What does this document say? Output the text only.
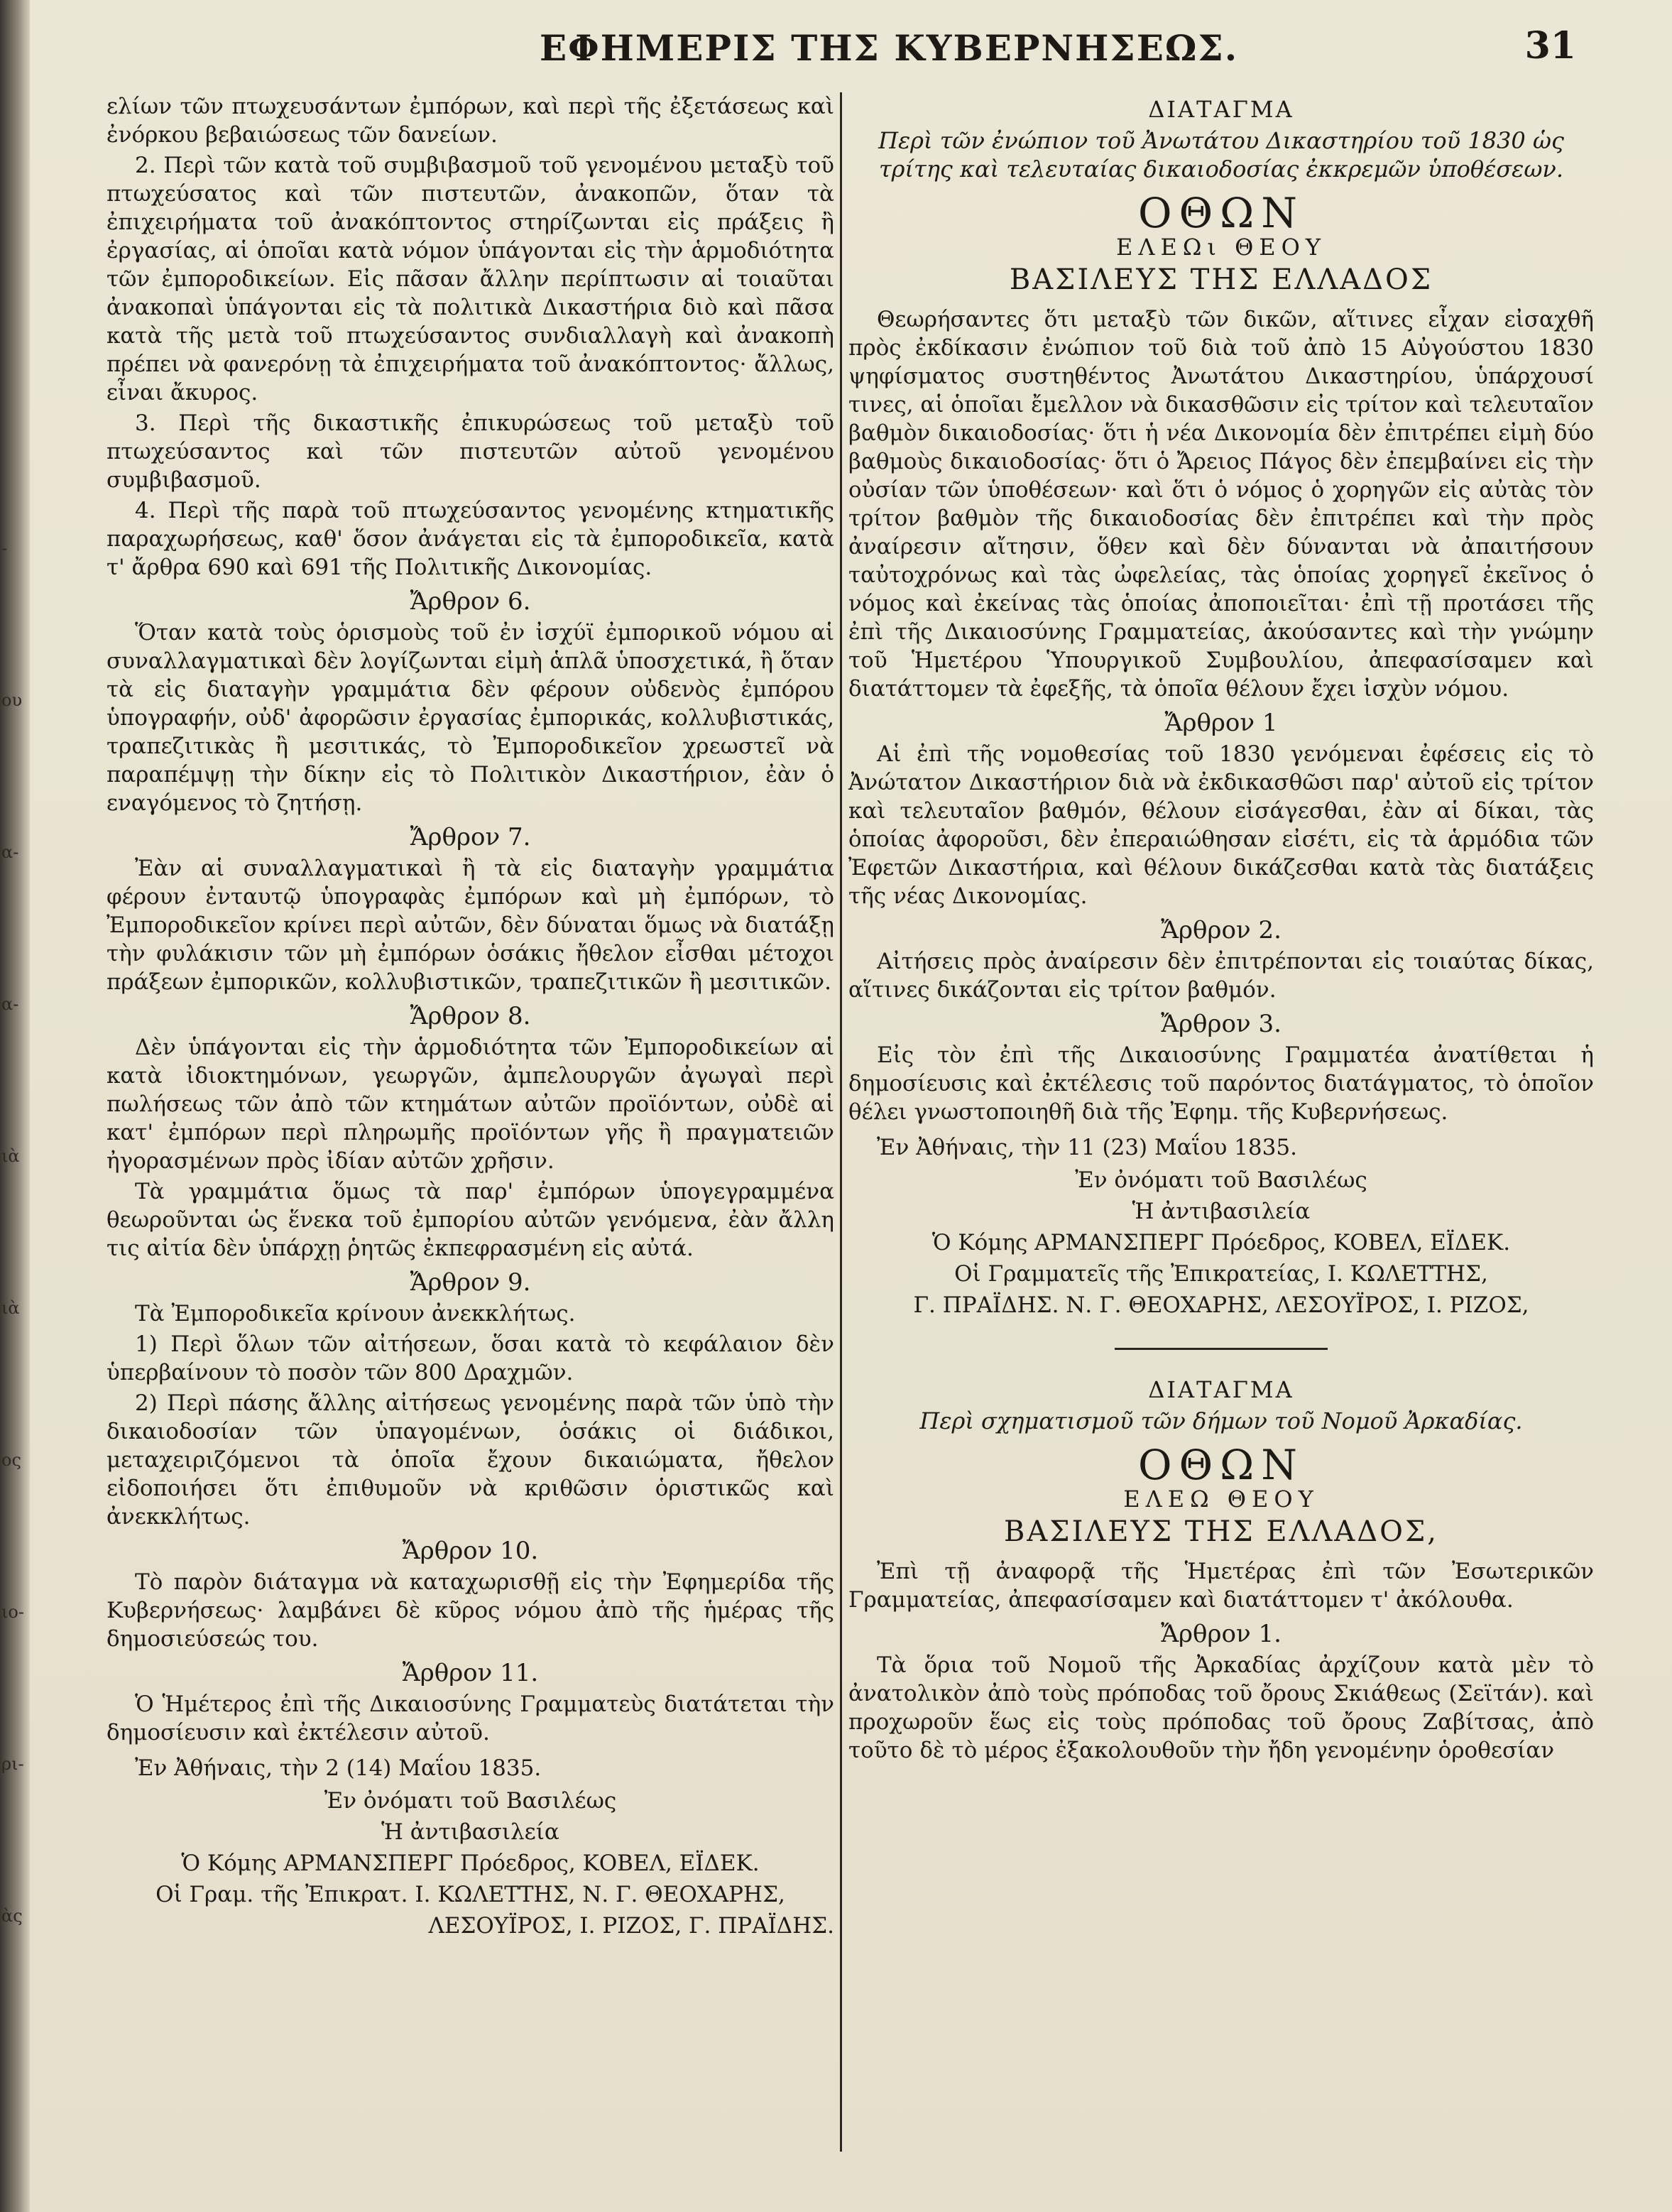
-
ου
α-
α-
ιὰ
ιὰ
ος
ιο-
ρι-
ὰς
ΕΦΗΜΕΡΙΣ ΤΗΣ ΚΥΒΕΡΝΗΣΕΩΣ.	31

ελίων τῶν πτωχευσάντων ἐμπόρων, καὶ περὶ τῆς ἐξετάσεως καὶ ἐνόρκου βεβαιώσεως τῶν δανείων.

2. Περὶ τῶν κατὰ τοῦ συμβιβασμοῦ τοῦ γενομένου μεταξὺ τοῦ πτωχεύσατος καὶ τῶν πιστευτῶν, ἀνακοπῶν, ὅταν τὰ ἐπιχειρήματα τοῦ ἀνακόπτοντος στηρίζωνται εἰς πράξεις ἢ ἐργασίας, αἱ ὁποῖαι κατὰ νόμον ὑπάγονται εἰς τὴν ἁρμοδιότητα τῶν ἐμποροδικείων. Εἰς πᾶσαν ἄλλην περίπτωσιν αἱ τοιαῦται ἀνακοπαὶ ὑπάγονται εἰς τὰ πολιτικὰ Δικαστήρια διὸ καὶ πᾶσα κατὰ τῆς μετὰ τοῦ πτωχεύσαντος συνδιαλλαγὴ καὶ ἀνακοπὴ πρέπει νὰ φανερόνῃ τὰ ἐπιχειρήματα τοῦ ἀνακόπτοντος· ἄλλως, εἶναι ἄκυρος.

3. Περὶ τῆς δικαστικῆς ἐπικυρώσεως τοῦ μεταξὺ τοῦ πτωχεύσαντος καὶ τῶν πιστευτῶν αὐτοῦ γενομένου συμβιβασμοῦ.

4. Περὶ τῆς παρὰ τοῦ πτωχεύσαντος γενομένης κτηματικῆς παραχωρήσεως, καθ' ὅσον ἀνάγεται εἰς τὰ ἐμποροδικεῖα, κατὰ τ' ἄρθρα 690 καὶ 691 τῆς Πολιτικῆς Δικονομίας.

Ἄρθρον 6.

Ὅταν κατὰ τοὺς ὁρισμοὺς τοῦ ἐν ἰσχύϊ ἐμπορικοῦ νόμου αἱ συναλλαγματικαὶ δὲν λογίζωνται εἰμὴ ἁπλᾶ ὑποσχετικά, ἢ ὅταν τὰ εἰς διαταγὴν γραμμάτια δὲν φέρουν οὐδενὸς ἐμπόρου ὑπογραφήν, οὐδ' ἀφορῶσιν ἐργασίας ἐμπορικάς, κολλυβιστικάς, τραπεζιτικὰς ἢ μεσιτικάς, τὸ Ἐμποροδικεῖον χρεωστεῖ νὰ παραπέμψῃ τὴν δίκην εἰς τὸ Πολιτικὸν Δικαστήριον, ἐὰν ὁ εναγόμενος τὸ ζητήσῃ.

Ἄρθρον 7.

Ἐὰν αἱ συναλλαγματικαὶ ἢ τὰ εἰς διαταγὴν γραμμάτια φέρουν ἐνταυτῷ ὑπογραφὰς ἐμπόρων καὶ μὴ ἐμπόρων, τὸ Ἐμποροδικεῖον κρίνει περὶ αὐτῶν, δὲν δύναται ὅμως νὰ διατάξῃ τὴν φυλάκισιν τῶν μὴ ἐμπόρων ὁσάκις ἤθελον εἶσθαι μέτοχοι πράξεων ἐμπορικῶν, κολλυβιστικῶν, τραπεζιτικῶν ἢ μεσιτικῶν.

Ἄρθρον 8.

Δὲν ὑπάγονται εἰς τὴν ἁρμοδιότητα τῶν Ἐμποροδικείων αἱ κατὰ ἰδιοκτημόνων, γεωργῶν, ἀμπελουργῶν ἀγωγαὶ περὶ πωλήσεως τῶν ἀπὸ τῶν κτημάτων αὐτῶν προϊόντων, οὐδὲ αἱ κατ' ἐμπόρων περὶ πληρωμῆς προϊόντων γῆς ἢ πραγματειῶν ἠγορασμένων πρὸς ἰδίαν αὐτῶν χρῆσιν.

Τὰ γραμμάτια ὅμως τὰ παρ' ἐμπόρων ὑπογεγραμμένα θεωροῦνται ὡς ἕνεκα τοῦ ἐμπορίου αὐτῶν γενόμενα, ἐὰν ἄλλη τις αἰτία δὲν ὑπάρχῃ ῥητῶς ἐκπεφρασμένη εἰς αὐτά.

Ἄρθρον 9.

Τὰ Ἐμποροδικεῖα κρίνουν ἀνεκκλήτως.

1) Περὶ ὅλων τῶν αἰτήσεων, ὅσαι κατὰ τὸ κεφάλαιον δὲν ὑπερβαίνουν τὸ ποσὸν τῶν 800 Δραχμῶν.

2) Περὶ πάσης ἄλλης αἰτήσεως γενομένης παρὰ τῶν ὑπὸ τὴν δικαιοδοσίαν τῶν ὑπαγομένων, ὁσάκις οἱ διάδικοι, μεταχειριζόμενοι τὰ ὁποῖα ἔχουν δικαιώματα, ἤθελον εἰδοποιήσει ὅτι ἐπιθυμοῦν νὰ κριθῶσιν ὁριστικῶς καὶ ἀνεκκλήτως.

Ἄρθρον 10.

Τὸ παρὸν διάταγμα νὰ καταχωρισθῇ εἰς τὴν Ἐφημερίδα τῆς Κυβερνήσεως· λαμβάνει δὲ κῦρος νόμου ἀπὸ τῆς ἡμέρας τῆς δημοσιεύσεώς του.

Ἄρθρον 11.

Ὁ Ἡμέτερος ἐπὶ τῆς Δικαιοσύνης Γραμματεὺς διατάτεται τὴν δημοσίευσιν καὶ ἐκτέλεσιν αὐτοῦ.

Ἐν Ἀθήναις, τὴν 2 (14) Μαΐου 1835.

Ἐν ὀνόματι τοῦ Βασιλέως

Ἡ ἀντιβασιλεία

Ὁ Κόμης ΑΡΜΑΝΣΠΕΡΓ Πρόεδρος, ΚΟΒΕΛ, ΕΪΔΕΚ.

Οἱ Γραμ. τῆς Ἐπικρατ. Ι. ΚΩΛΕΤΤΗΣ, Ν. Γ. ΘΕΟΧΑΡΗΣ,

ΛΕΣΟΥΪΡΟΣ, Ι. ΡΙΖΟΣ, Γ. ΠΡΑΪΔΗΣ.

ΔΙΑΤΑΓΜΑ
Περὶ τῶν ἐνώπιον τοῦ Ἀνωτάτου Δικαστηρίου τοῦ 1830 ὡς τρίτης καὶ τελευταίας δικαιοδοσίας ἐκκρεμῶν ὑποθέσεων.
ΟΘΩΝ
ΕΛΕΩι ΘΕΟΥ
ΒΑΣΙΛΕΥΣ ΤΗΣ ΕΛΛΑΔΟΣ

Θεωρήσαντες ὅτι μεταξὺ τῶν δικῶν, αἵτινες εἶχαν εἰσαχθῆ πρὸς ἐκδίκασιν ἐνώπιον τοῦ διὰ τοῦ ἀπὸ 15 Αὐγούστου 1830 ψηφίσματος συστηθέντος Ἀνωτάτου Δικαστηρίου, ὑπάρχουσί τινες, αἱ ὁποῖαι ἔμελλον νὰ δικασθῶσιν εἰς τρίτον καὶ τελευταῖον βαθμὸν δικαιοδοσίας· ὅτι ἡ νέα Δικονομία δὲν ἐπιτρέπει εἰμὴ δύο βαθμοὺς δικαιοδοσίας· ὅτι ὁ Ἄρειος Πάγος δὲν ἐπεμβαίνει εἰς τὴν οὐσίαν τῶν ὑποθέσεων· καὶ ὅτι ὁ νόμος ὁ χορηγῶν εἰς αὐτὰς τὸν τρίτον βαθμὸν τῆς δικαιοδοσίας δὲν ἐπιτρέπει καὶ τὴν πρὸς ἀναίρεσιν αἴτησιν, ὅθεν καὶ δὲν δύνανται νὰ ἀπαιτήσουν ταὐτοχρόνως καὶ τὰς ὠφελείας, τὰς ὁποίας χορηγεῖ ἐκεῖνος ὁ νόμος καὶ ἐκείνας τὰς ὁποίας ἀποποιεῖται· ἐπὶ τῇ προτάσει τῆς ἐπὶ τῆς Δικαιοσύνης Γραμματείας, ἀκούσαντες καὶ τὴν γνώμην τοῦ Ἡμετέρου Ὑπουργικοῦ Συμβουλίου, ἀπεφασίσαμεν καὶ διατάττομεν τὰ ἐφεξῆς, τὰ ὁποῖα θέλουν ἔχει ἰσχὺν νόμου.

Ἄρθρον 1

Αἱ ἐπὶ τῆς νομοθεσίας τοῦ 1830 γενόμεναι ἐφέσεις εἰς τὸ Ἀνώτατον Δικαστήριον διὰ νὰ ἐκδικασθῶσι παρ' αὐτοῦ εἰς τρίτον καὶ τελευταῖον βαθμόν, θέλουν εἰσάγεσθαι, ἐὰν αἱ δίκαι, τὰς ὁποίας ἀφοροῦσι, δὲν ἐπεραιώθησαν εἰσέτι, εἰς τὰ ἁρμόδια τῶν Ἐφετῶν Δικαστήρια, καὶ θέλουν δικάζεσθαι κατὰ τὰς διατάξεις τῆς νέας Δικονομίας.

Ἄρθρον 2.

Αἰτήσεις πρὸς ἀναίρεσιν δὲν ἐπιτρέπονται εἰς τοιαύτας δίκας, αἵτινες δικάζονται εἰς τρίτον βαθμόν.

Ἄρθρον 3.

Εἰς τὸν ἐπὶ τῆς Δικαιοσύνης Γραμματέα ἀνατίθεται ἡ δημοσίευσις καὶ ἐκτέλεσις τοῦ παρόντος διατάγματος, τὸ ὁποῖον θέλει γνωστοποιηθῆ διὰ τῆς Ἐφημ. τῆς Κυβερνήσεως.

Ἐν Ἀθήναις, τὴν 11 (23) Μαΐου 1835.

Ἐν ὀνόματι τοῦ Βασιλέως

Ἡ ἀντιβασιλεία

Ὁ Κόμης ΑΡΜΑΝΣΠΕΡΓ Πρόεδρος, ΚΟΒΕΛ, ΕΪΔΕΚ.

Οἱ Γραμματεῖς τῆς Ἐπικρατείας, Ι. ΚΩΛΕΤΤΗΣ,

Γ. ΠΡΑΪΔΗΣ. Ν. Γ. ΘΕΟΧΑΡΗΣ, ΛΕΣΟΥΪΡΟΣ, Ι. ΡΙΖΟΣ,

ΔΙΑΤΑΓΜΑ
Περὶ σχηματισμοῦ τῶν δήμων τοῦ Νομοῦ Ἀρκαδίας.
ΟΘΩΝ
ΕΛΕΩ ΘΕΟΥ
ΒΑΣΙΛΕΥΣ ΤΗΣ ΕΛΛΑΔΟΣ,

Ἐπὶ τῇ ἀναφορᾷ τῆς Ἡμετέρας ἐπὶ τῶν Ἐσωτερικῶν Γραμματείας, ἀπεφασίσαμεν καὶ διατάττομεν τ' ἀκόλουθα.

Ἄρθρον 1.

Τὰ ὅρια τοῦ Νομοῦ τῆς Ἀρκαδίας ἀρχίζουν κατὰ μὲν τὸ ἀνατολικὸν ἀπὸ τοὺς πρόποδας τοῦ ὄρους Σκιάθεως (Σεϊτάν). καὶ προχωροῦν ἕως εἰς τοὺς πρόποδας τοῦ ὄρους Ζαβίτσας, ἀπὸ τοῦτο δὲ τὸ μέρος ἐξακολουθοῦν τὴν ἤδη γενομένην ὁροθεσίαν
